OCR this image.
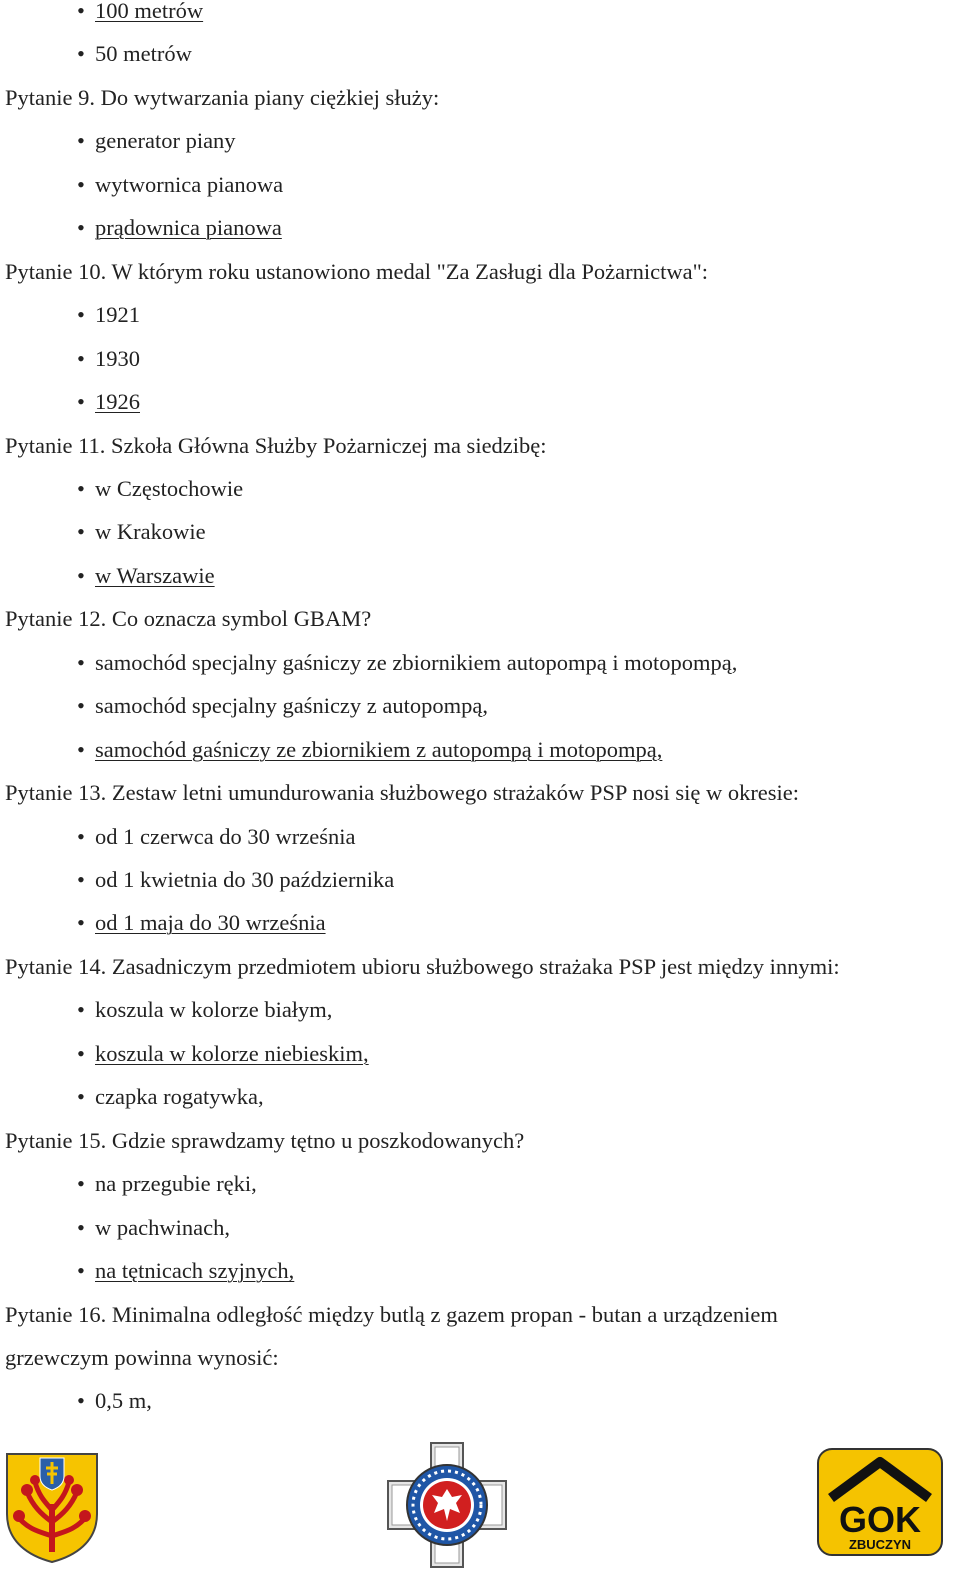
• 100 metrów
• 50 metrów
Pytanie 9. Do wytwarzania piany ciężkiej służy:
• generator piany
• wytwornica pianowa
• prądownica pianowa
Pytanie 10. W którym roku ustanowiono medal "Za Zasługi dla Pożarnictwa":
• 1921
• 1930
• 1926
Pytanie 11. Szkoła Główna Służby Pożarniczej ma siedzibę:
• w Częstochowie
• w Krakowie
• w Warszawie
Pytanie 12. Co oznacza symbol GBAM?
• samochód specjalny gaśniczy ze zbiornikiem autopompą i motopompą,
• samochód specjalny gaśniczy z autopompą,
• samochód gaśniczy ze zbiornikiem z autopompą i motopompą,
Pytanie 13. Zestaw letni umundurowania służbowego strażaków PSP nosi się w okresie:
• od 1 czerwca do 30 września
• od 1 kwietnia do 30 października
• od 1 maja do 30 września
Pytanie 14. Zasadniczym przedmiotem ubioru służbowego strażaka PSP jest między innymi:
• koszula w kolorze białym,
• koszula w kolorze niebieskim,
• czapka rogatywka,
Pytanie 15. Gdzie sprawdzamy tętno u poszkodowanych?
• na przegubie ręki,
• w pachwinach,
• na tętnicach szyjnych,
Pytanie 16. Minimalna odległość między butlą z gazem propan - butan a urządzeniem
grzewczym powinna wynosić:
• 0,5 m,
GOK
ZBUCZYN
